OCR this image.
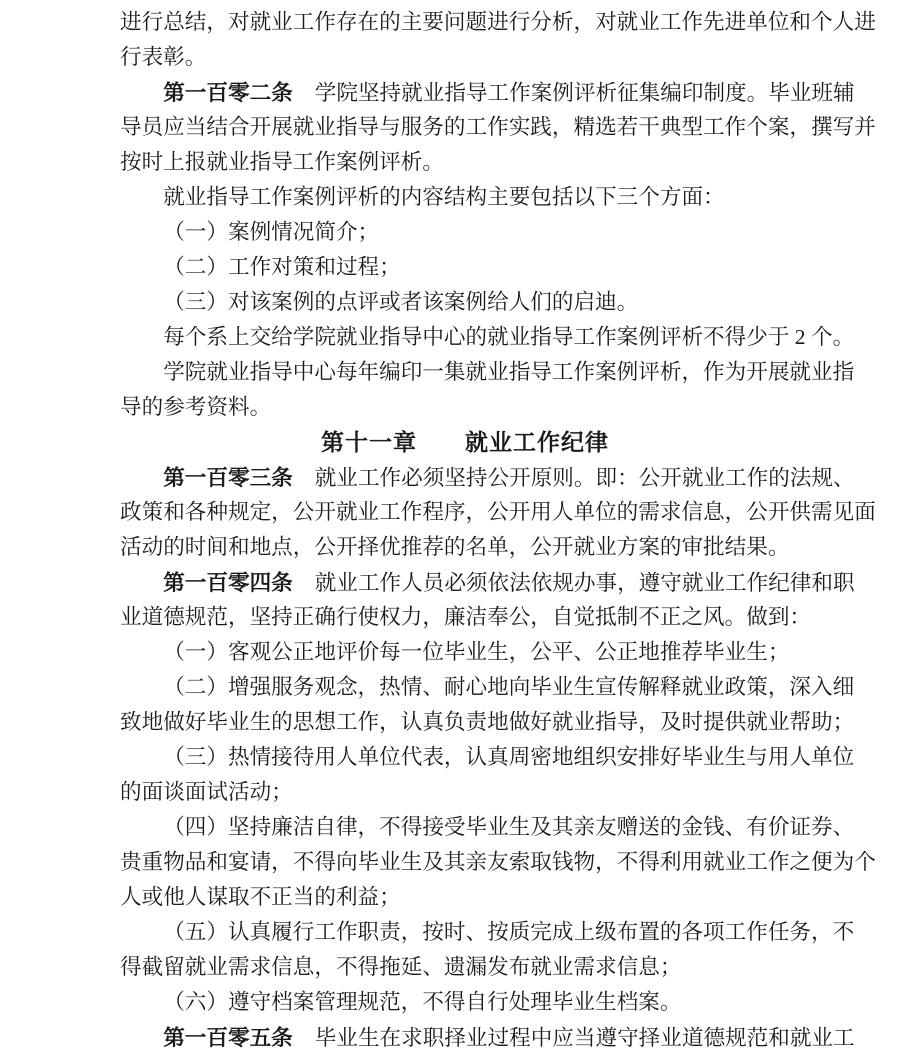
进行总结，对就业工作存在的主要问题进行分析，对就业工作先进单位和个人进
行表彰。
第一百零二条 学院坚持就业指导工作案例评析征集编印制度。毕业班辅
导员应当结合开展就业指导与服务的工作实践，精选若干典型工作个案，撰写并
按时上报就业指导工作案例评析。
就业指导工作案例评析的内容结构主要包括以下三个方面：
（一）案例情况简介；
（二）工作对策和过程；
（三）对该案例的点评或者该案例给人们的启迪。
每个系上交给学院就业指导中心的就业指导工作案例评析不得少于 2 个。
学院就业指导中心每年编印一集就业指导工作案例评析，作为开展就业指
导的参考资料。
第十一章　　就业工作纪律
第一百零三条 就业工作必须坚持公开原则。即：公开就业工作的法规、
政策和各种规定，公开就业工作程序，公开用人单位的需求信息，公开供需见面
活动的时间和地点，公开择优推荐的名单，公开就业方案的审批结果。
第一百零四条 就业工作人员必须依法依规办事，遵守就业工作纪律和职
业道德规范，坚持正确行使权力，廉洁奉公，自觉抵制不正之风。做到：
（一）客观公正地评价每一位毕业生，公平、公正地推荐毕业生；
（二）增强服务观念，热情、耐心地向毕业生宣传解释就业政策，深入细
致地做好毕业生的思想工作，认真负责地做好就业指导，及时提供就业帮助；
（三）热情接待用人单位代表，认真周密地组织安排好毕业生与用人单位
的面谈面试活动；
（四）坚持廉洁自律，不得接受毕业生及其亲友赠送的金钱、有价证券、
贵重物品和宴请，不得向毕业生及其亲友索取钱物，不得利用就业工作之便为个
人或他人谋取不正当的利益；
（五）认真履行工作职责，按时、按质完成上级布置的各项工作任务，不
得截留就业需求信息，不得拖延、遗漏发布就业需求信息；
（六）遵守档案管理规范，不得自行处理毕业生档案。
第一百零五条 毕业生在求职择业过程中应当遵守择业道德规范和就业工
